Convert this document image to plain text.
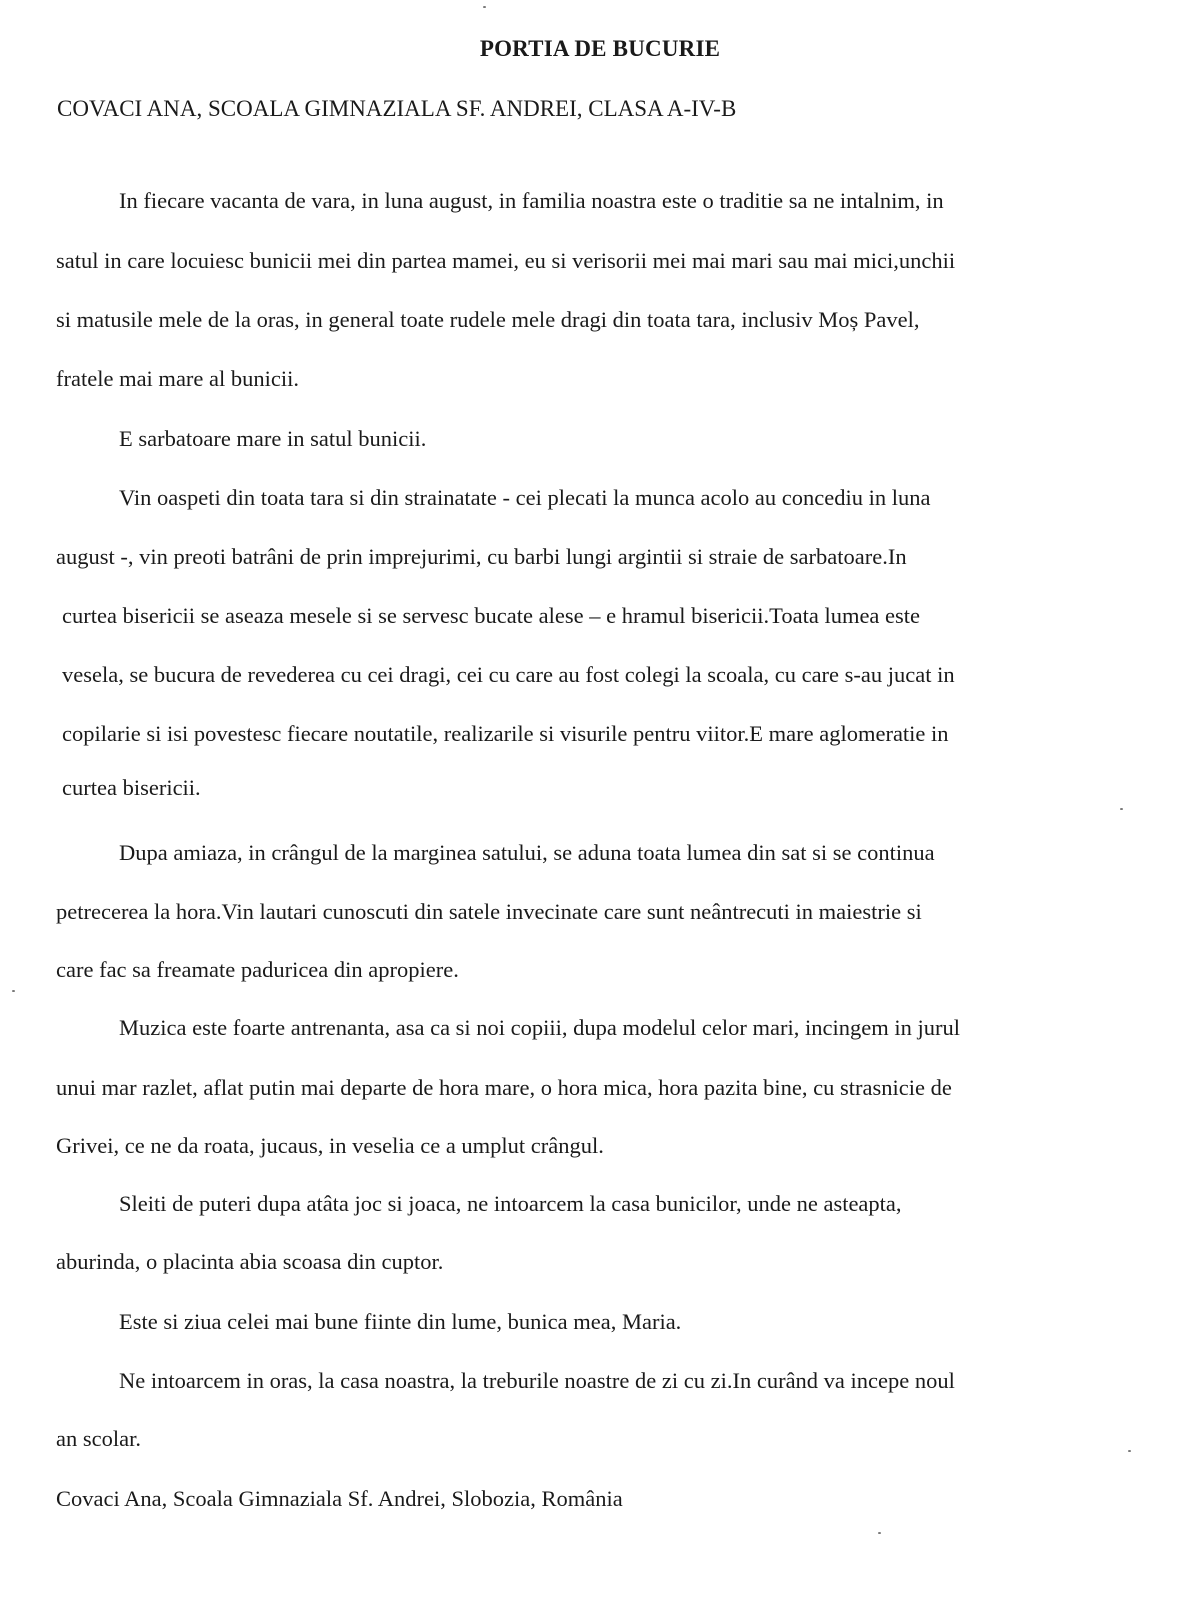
PORTIA DE BUCURIE
COVACI ANA, SCOALA GIMNAZIALA SF. ANDREI, CLASA A-IV-B
In fiecare vacanta de vara, in luna august, in familia noastra este o traditie sa ne intalnim, in
satul in care locuiesc bunicii mei din partea mamei, eu si verisorii mei mai mari sau mai mici,unchii
si matusile mele de la oras, in general toate rudele mele dragi din toata tara, inclusiv Moș Pavel,
fratele mai mare al bunicii.
E sarbatoare mare in satul bunicii.
Vin oaspeti din toata tara si din strainatate - cei plecati la munca acolo au concediu in luna
august -, vin preoti batrâni de prin imprejurimi, cu barbi lungi argintii si straie de sarbatoare.In
curtea bisericii se aseaza mesele si se servesc bucate alese – e hramul bisericii.Toata lumea este
vesela, se bucura de revederea cu cei dragi, cei cu care au fost colegi la scoala, cu care s-au jucat in
copilarie si isi povestesc fiecare noutatile, realizarile si visurile pentru viitor.E mare aglomeratie in
curtea bisericii.
Dupa amiaza, in crângul de la marginea satului, se aduna toata lumea din sat si se continua
petrecerea la hora.Vin lautari cunoscuti din satele invecinate care sunt neântrecuti in maiestrie si
care fac sa freamate paduricea din apropiere.
Muzica este foarte antrenanta, asa ca si noi copiii, dupa modelul celor mari, incingem in jurul
unui mar razlet, aflat putin mai departe de hora mare, o hora mica, hora pazita bine, cu strasnicie de
Grivei, ce ne da roata, jucaus, in veselia ce a umplut crângul.
Sleiti de puteri dupa atâta joc si joaca, ne intoarcem la casa bunicilor, unde ne asteapta,
aburinda, o placinta abia scoasa din cuptor.
Este si ziua celei mai bune fiinte din lume, bunica mea, Maria.
Ne intoarcem in oras, la casa noastra, la treburile noastre de zi cu zi.In curând va incepe noul
an scolar.
Covaci Ana, Scoala Gimnaziala Sf. Andrei, Slobozia, România
